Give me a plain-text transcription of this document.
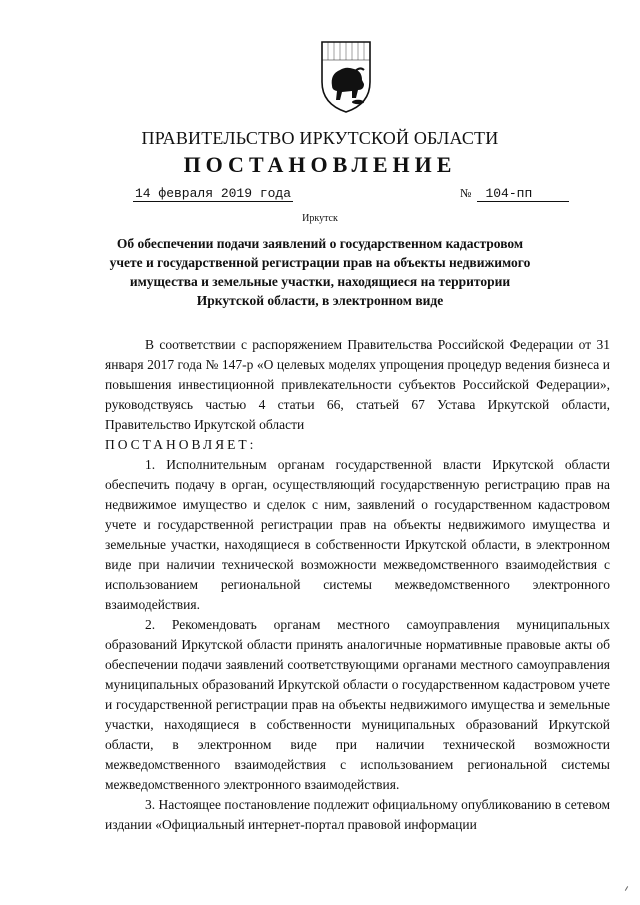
ПРАВИТЕЛЬСТВО ИРКУТСКОЙ ОБЛАСТИ
ПОСТАНОВЛЕНИЕ
14 февраля 2019 года	№ 104-пп
Иркутск
Об обеспечении подачи заявлений о государственном кадастровом учете и государственной регистрации прав на объекты недвижимого имущества и земельные участки, находящиеся на территории Иркутской области, в электронном виде

В соответствии с распоряжением Правительства Российской Федерации от 31 января 2017 года № 147-р «О целевых моделях упрощения процедур ведения бизнеса и повышения инвестиционной привлекательности субъектов Российской Федерации», руководствуясь частью 4 статьи 66, статьей 67 Устава Иркутской области, Правительство Иркутской области

ПОСТАНОВЛЯЕТ:

1. Исполнительным органам государственной власти Иркутской области обеспечить подачу в орган, осуществляющий государственную регистрацию прав на недвижимое имущество и сделок с ним, заявлений о государственном кадастровом учете и государственной регистрации прав на объекты недвижимого имущества и земельные участки, находящиеся в собственности Иркутской области, в электронном виде при наличии технической возможности межведомственного взаимодействия с использованием региональной системы межведомственного электронного взаимодействия.

2. Рекомендовать органам местного самоуправления муниципальных образований Иркутской области принять аналогичные нормативные правовые акты об обеспечении подачи заявлений соответствующими органами местного самоуправления муниципальных образований Иркутской области о государственном кадастровом учете и государственной регистрации прав на объекты недвижимого имущества и земельные участки, находящиеся в собственности муниципальных образований Иркутской области, в электронном виде при наличии технической возможности межведомственного взаимодействия с использованием региональной системы межведомственного электронного взаимодействия.

3. Настоящее постановление подлежит официальному опубликованию в сетевом издании «Официальный интернет-портал правовой информации
